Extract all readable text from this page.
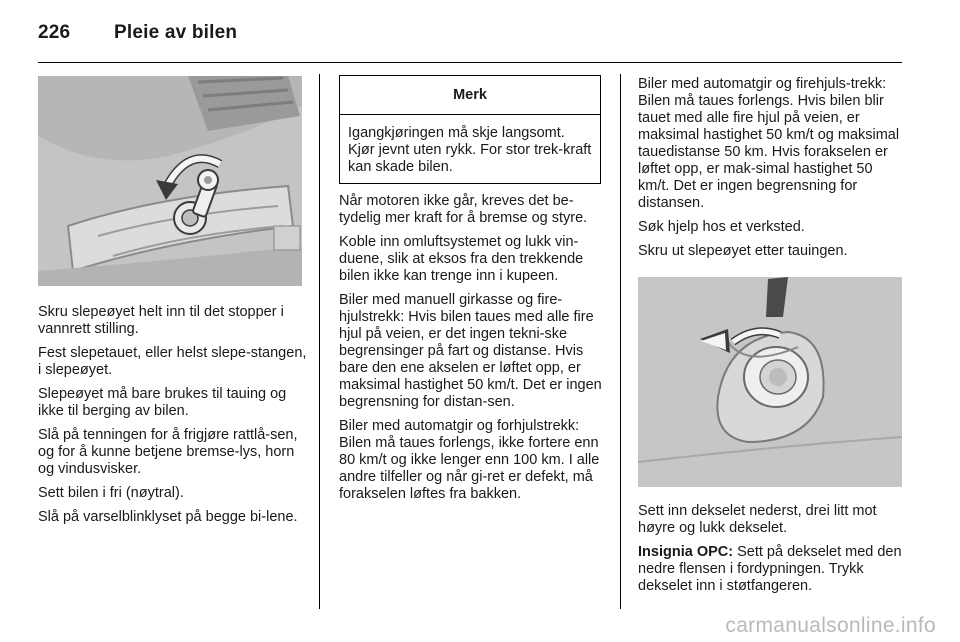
226 Pleie av bilen

Skru slepeøyet helt inn til det stopper i vannrett stilling.

Fest slepetauet, eller helst slepe-stangen, i slepeøyet.

Slepeøyet må bare brukes til tauing og ikke til berging av bilen.

Slå på tenningen for å frigjøre rattlå-sen, og for å kunne betjene bremse-lys, horn og vindusvisker.

Sett bilen i fri (nøytral).

Slå på varselblinklyset på begge bi-lene.

Merk
Igangkjøringen må skje langsomt. Kjør jevnt uten rykk. For stor trek-kraft kan skade bilen.

Når motoren ikke går, kreves det be-tydelig mer kraft for å bremse og styre.

Koble inn omluftsystemet og lukk vin-duene, slik at eksos fra den trekkende bilen ikke kan trenge inn i kupeen.

Biler med manuell girkasse og fire-hjulstrekk: Hvis bilen taues med alle fire hjul på veien, er det ingen tekni-ske begrensinger på fart og distanse. Hvis bare den ene akselen er løftet opp, er maksimal hastighet 50 km/t. Det er ingen begrensning for distan-sen.

Biler med automatgir og forhjulstrekk: Bilen må taues forlengs, ikke fortere enn 80 km/t og ikke lenger enn 100 km. I alle andre tilfeller og når gi-ret er defekt, må forakselen løftes fra bakken.

Biler med automatgir og firehjuls-trekk: Bilen må taues forlengs. Hvis bilen blir tauet med alle fire hjul på veien, er maksimal hastighet 50 km/t og maksimal tauedistanse 50 km. Hvis forakselen er løftet opp, er mak-simal hastighet 50 km/t. Det er ingen begrensning for distansen.

Søk hjelp hos et verksted.

Skru ut slepeøyet etter tauingen.

Sett inn dekselet nederst, drei litt mot høyre og lukk dekselet.

Insignia OPC: Sett på dekselet med den nedre flensen i fordypningen. Trykk dekselet inn i støtfangeren.

carmanualsonline.info
